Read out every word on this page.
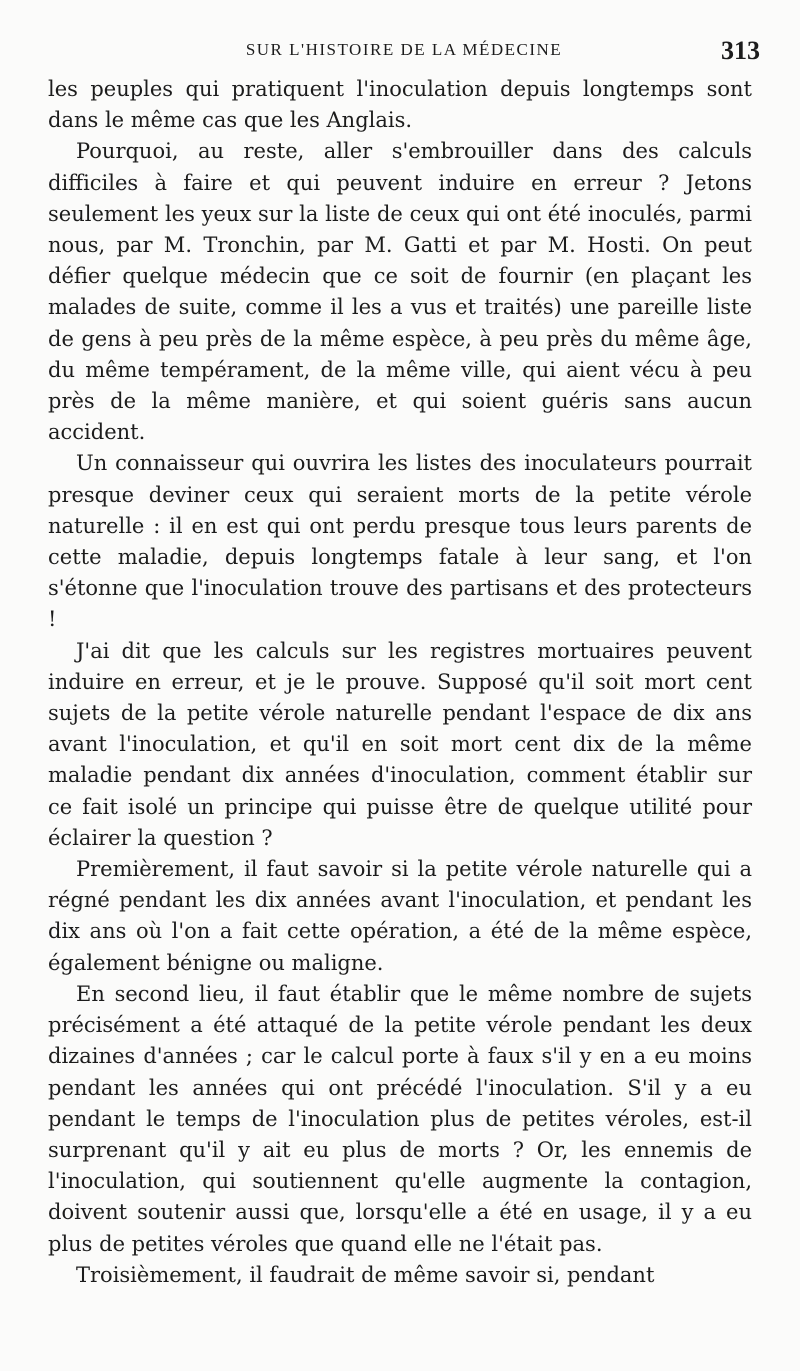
SUR L'HISTOIRE DE LA MÉDECINE	313

les peuples qui pratiquent l'inoculation depuis longtemps sont dans le même cas que les Anglais.

Pourquoi, au reste, aller s'embrouiller dans des calculs difficiles à faire et qui peuvent induire en erreur ? Jetons seulement les yeux sur la liste de ceux qui ont été inoculés, parmi nous, par M. Tronchin, par M. Gatti et par M. Hosti. On peut défier quelque médecin que ce soit de fournir (en plaçant les malades de suite, comme il les a vus et traités) une pareille liste de gens à peu près de la même espèce, à peu près du même âge, du même tempérament, de la même ville, qui aient vécu à peu près de la même manière, et qui soient guéris sans aucun accident.

Un connaisseur qui ouvrira les listes des inoculateurs pourrait presque deviner ceux qui seraient morts de la petite vérole naturelle : il en est qui ont perdu presque tous leurs parents de cette maladie, depuis longtemps fatale à leur sang, et l'on s'étonne que l'inoculation trouve des partisans et des protecteurs !

J'ai dit que les calculs sur les registres mortuaires peuvent induire en erreur, et je le prouve. Supposé qu'il soit mort cent sujets de la petite vérole naturelle pendant l'espace de dix ans avant l'inoculation, et qu'il en soit mort cent dix de la même maladie pendant dix années d'inoculation, comment établir sur ce fait isolé un principe qui puisse être de quelque utilité pour éclairer la question ?

Premièrement, il faut savoir si la petite vérole naturelle qui a régné pendant les dix années avant l'inoculation, et pendant les dix ans où l'on a fait cette opération, a été de la même espèce, également bénigne ou maligne.

En second lieu, il faut établir que le même nombre de sujets précisément a été attaqué de la petite vérole pendant les deux dizaines d'années ; car le calcul porte à faux s'il y en a eu moins pendant les années qui ont précédé l'inoculation. S'il y a eu pendant le temps de l'inoculation plus de petites véroles, est-il surprenant qu'il y ait eu plus de morts ? Or, les ennemis de l'inoculation, qui soutiennent qu'elle augmente la contagion, doivent soutenir aussi que, lorsqu'elle a été en usage, il y a eu plus de petites véroles que quand elle ne l'était pas.

Troisièmement, il faudrait de même savoir si, pendant
